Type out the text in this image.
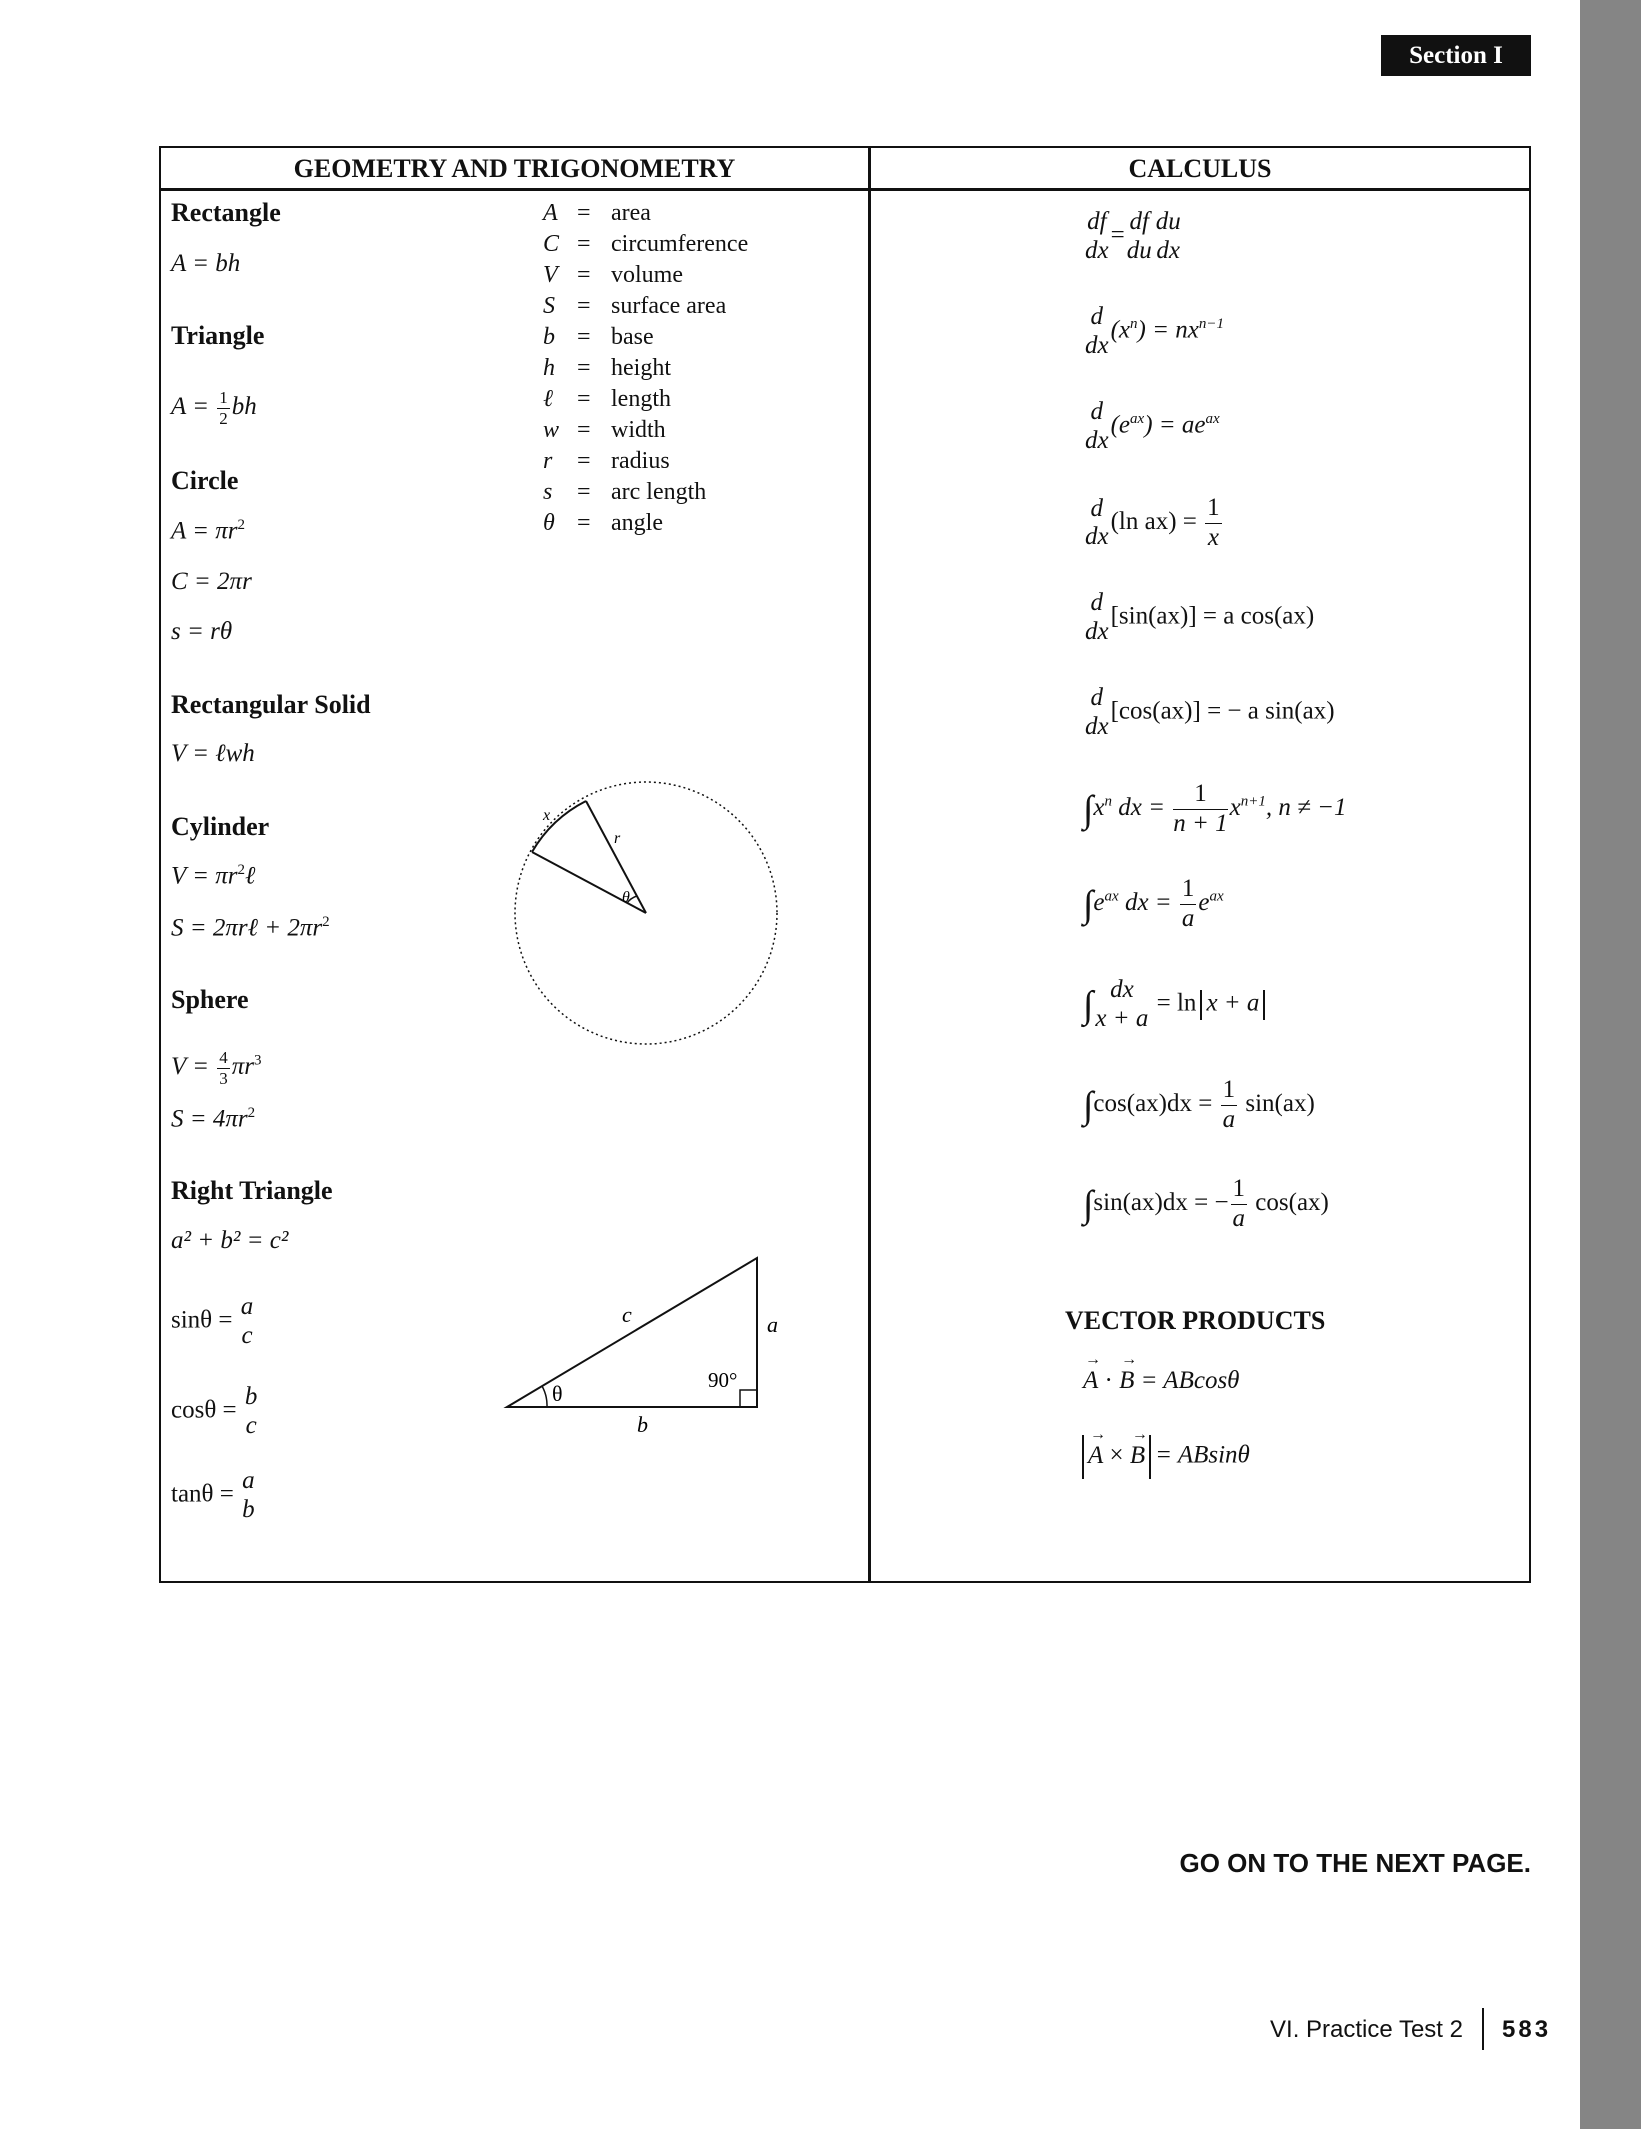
Section I
GEOMETRY AND TRIGONOMETRY	CALCULUS
Rectangle
A = bh
Triangle
$A = \frac{1}{2}$ bh
Circle
$A = \pi r^2$
C = 2πr
s = rθ
Rectangular Solid
V = ℓwh
Cylinder
$V = \pi r^2\ell$
S = 2πrℓ + $2\pi r^2$
Sphere
$V = \frac{4}{3} \pi r^3$
$S = 4\pi r^2$
Right Triangle
a² + b² = c²
sinθ = a
c
cosθ = b
c
tanθ = a
b
A = area
C = circumference
V = volume
S = surface area
b = base
h = height
ℓ = length
w = width
r = radius
s = arc length
θ = angle
x
r
θ
c	a
b
90°
θ
df
dx
= df
du
du
dx
d
dx
$(x^n) = nx^{n-1}$
d
dx
$(e^{ax}) = ae^{ax}$
d
dx
(ln $ax) = \frac{1}{x}$
d
dx
[sin(ax)] = a cos(ax)
d
dx
[cos(ax)] = − a sin(ax)
$\int x^n$ dx = $\frac{1}{n + 1} x^{n+1}$, n ≠ −1
$\int e^{ax}$ dx = $\frac{1}{a} e^{ax}$
∫ dx
x + a
= ln x + a
$\int\cos(ax)dx = \frac{1}{a} \sin(ax)$
∫sin(ax)dx = − $\frac{1}{a} \cos(ax)$
VECTOR PRODUCTS
→ A · → B = ABcosθ
→ A × → B = ABsinθ
GO ON TO THE NEXT PAGE.
VI. Practice Test 2 583
